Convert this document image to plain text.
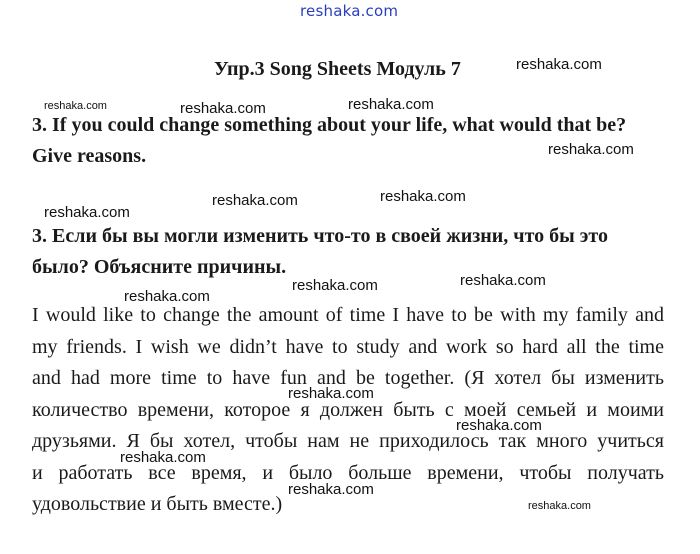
reshaka.com
Упр.3 Song Sheets Модуль 7
3. If you could change something about your life, what would that be?
Give reasons.
3. Если бы вы могли изменить что-то в своей жизни, что бы это
было? Объясните причины.
I would like to change the amount of time I have to be with my family and
my friends. I wish we didn’t have to study and work so hard all the time
and had more time to have fun and be together. (Я хотел бы изменить
количество времени, которое я должен быть с моей семьей и моими
друзьями. Я бы хотел, чтобы нам не приходилось так много учиться
и работать все время, и было больше времени, чтобы получать
удовольствие и быть вместе.)
reshaka.com
reshaka.com	reshaka.com	reshaka.com
reshaka.com
reshaka.com	reshaka.com
reshaka.com
reshaka.com
reshaka.com
reshaka.com
reshaka.com
reshaka.com
reshaka.com
reshaka.com
reshaka.com
